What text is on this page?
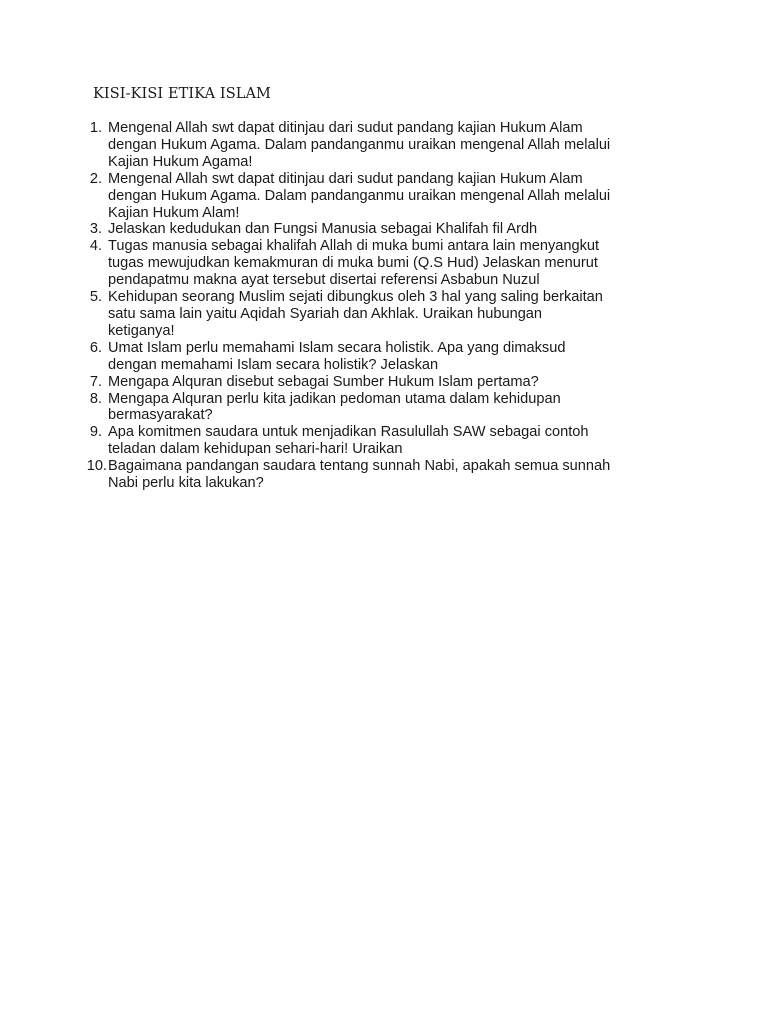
KISI-KISI ETIKA ISLAM
1. Mengenal Allah swt dapat ditinjau dari sudut pandang kajian Hukum Alam
dengan Hukum Agama. Dalam pandanganmu uraikan mengenal Allah melalui
Kajian Hukum Agama!
2. Mengenal Allah swt dapat ditinjau dari sudut pandang kajian Hukum Alam
dengan Hukum Agama. Dalam pandanganmu uraikan mengenal Allah melalui
Kajian Hukum Alam!
3. Jelaskan kedudukan dan Fungsi Manusia sebagai Khalifah fil Ardh
4. Tugas manusia sebagai khalifah Allah di muka bumi antara lain menyangkut
tugas mewujudkan kemakmuran di muka bumi (Q.S Hud) Jelaskan menurut
pendapatmu makna ayat tersebut disertai referensi Asbabun Nuzul
5. Kehidupan seorang Muslim sejati dibungkus oleh 3 hal yang saling berkaitan
satu sama lain yaitu Aqidah Syariah dan Akhlak. Uraikan hubungan
ketiganya!
6. Umat Islam perlu memahami Islam secara holistik. Apa yang dimaksud
dengan memahami Islam secara holistik? Jelaskan
7. Mengapa Alquran disebut sebagai Sumber Hukum Islam pertama?
8. Mengapa Alquran perlu kita jadikan pedoman utama dalam kehidupan
bermasyarakat?
9. Apa komitmen saudara untuk menjadikan Rasulullah SAW sebagai contoh
teladan dalam kehidupan sehari-hari! Uraikan
10. Bagaimana pandangan saudara tentang sunnah Nabi, apakah semua sunnah
Nabi perlu kita lakukan?
